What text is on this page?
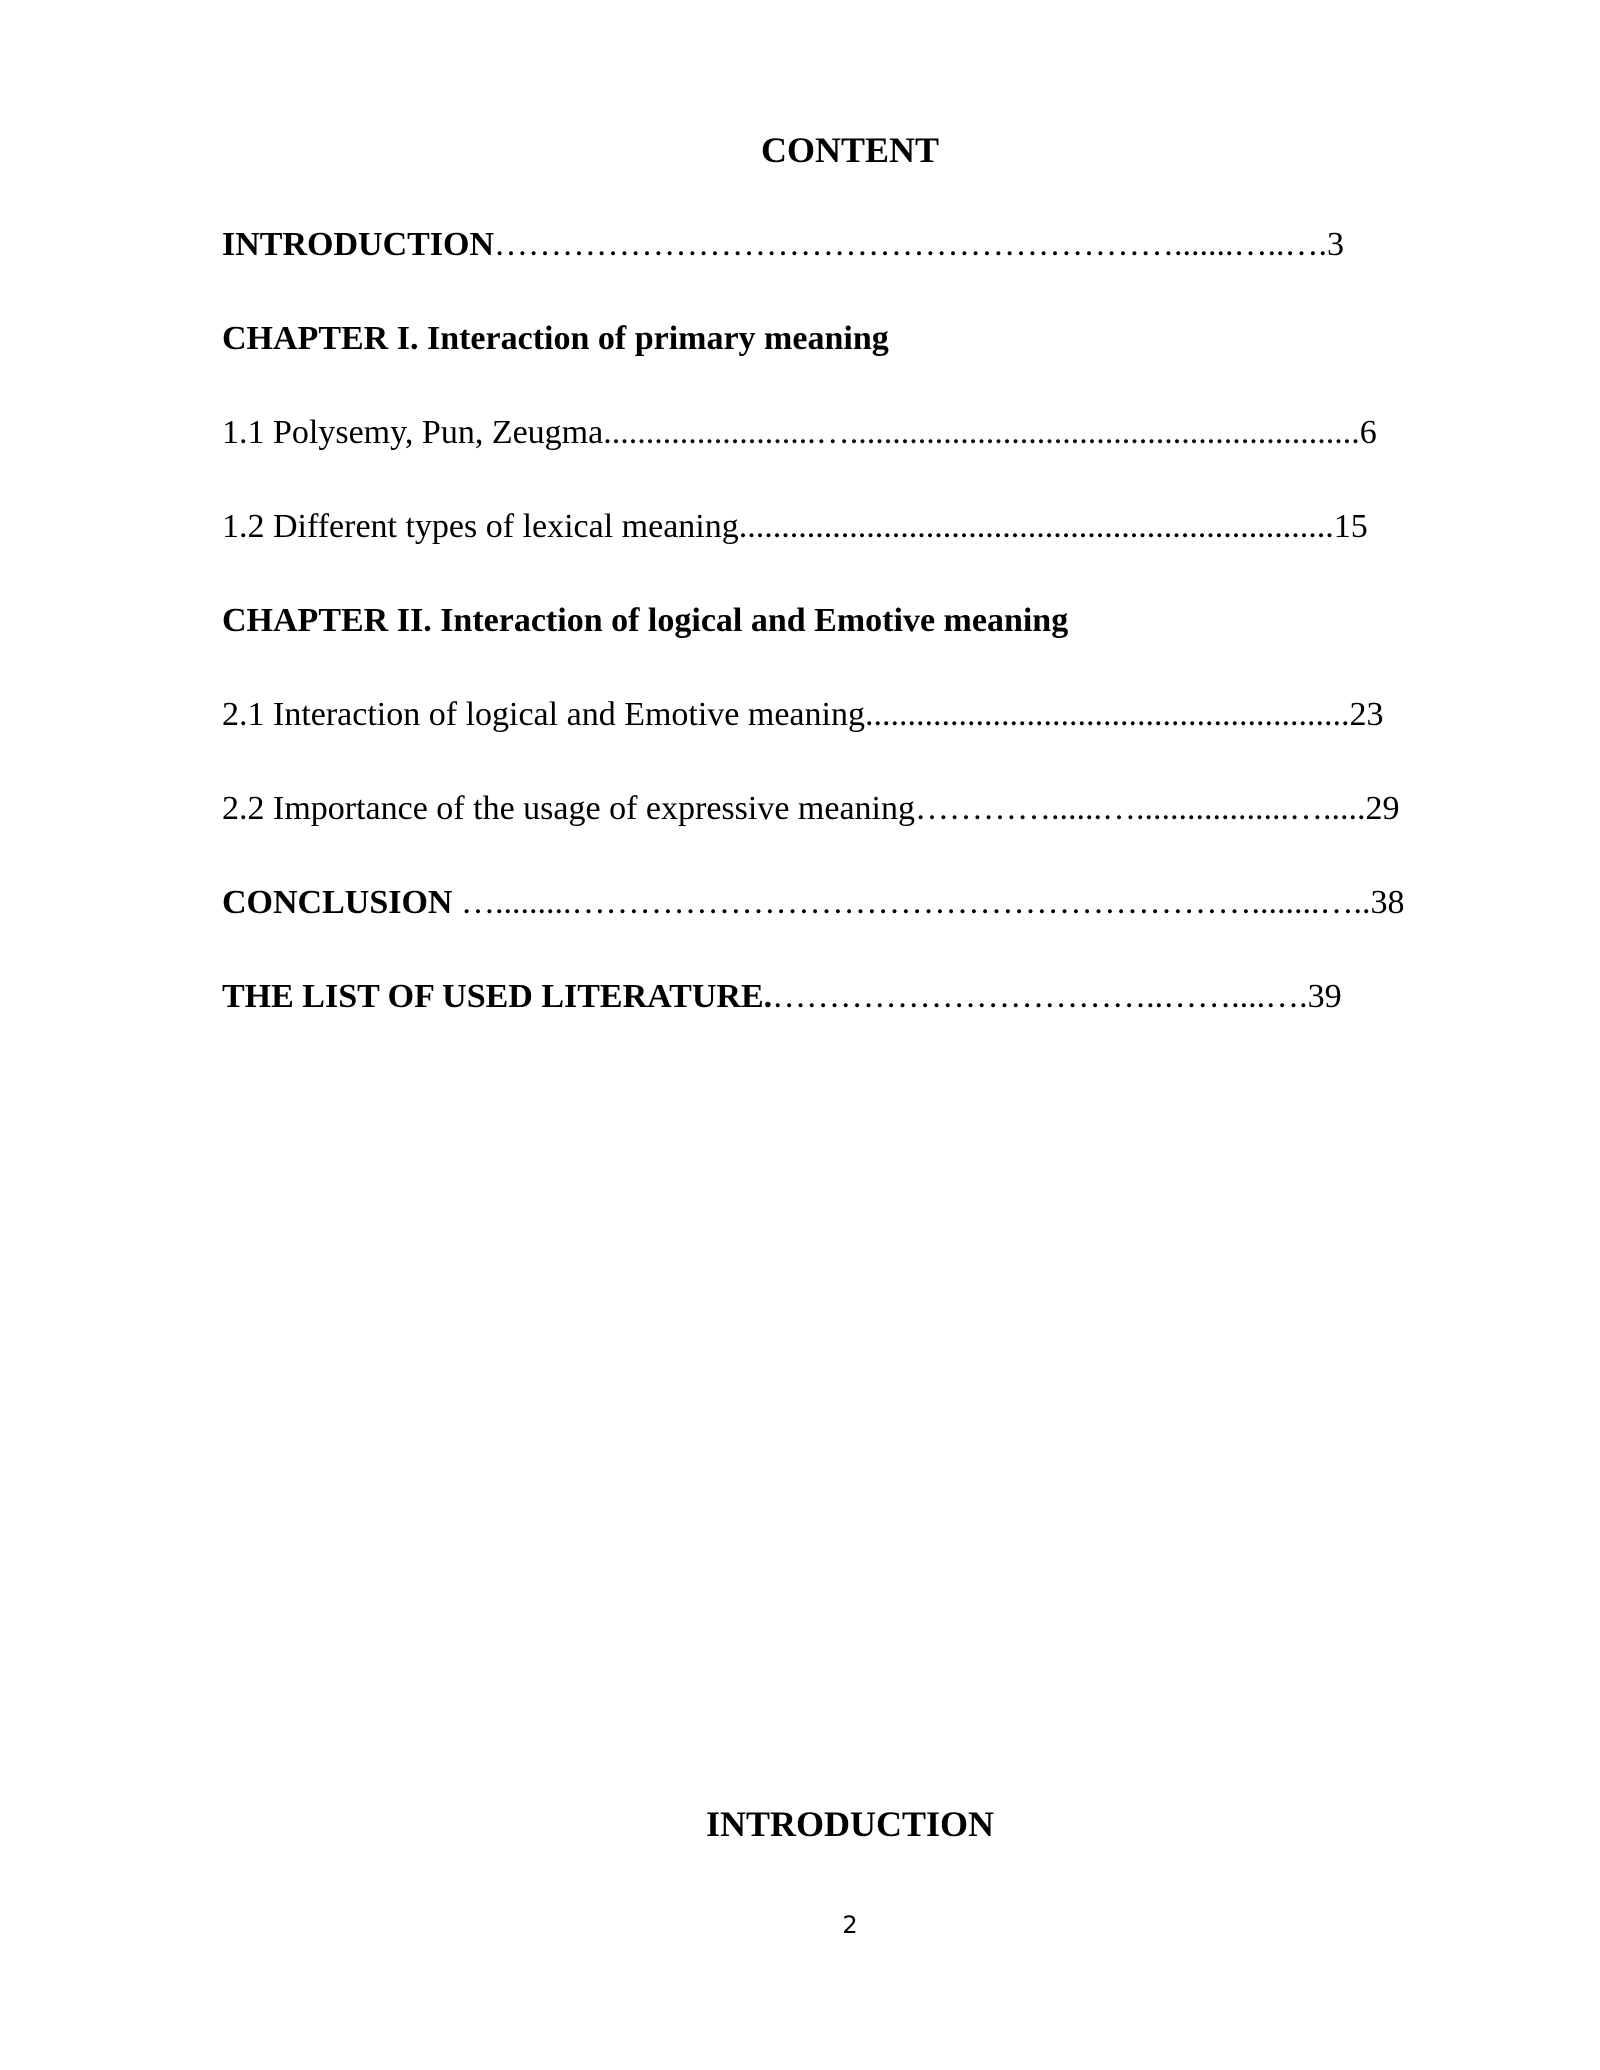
CONTENT
INTRODUCTION…………………………………………………….......…..….3
CHAPTER I. Interaction of primary meaning
1.1 Polysemy, Pun, Zeugma.........................…............................................................6
1.2 Different types of lexical meaning......................................................................15
CHAPTER II. Interaction of logical and Emotive meaning
2.1 Interaction of logical and Emotive meaning.........................................................23
2.2 Importance of the usage of expressive meaning…………......…..................….....29
CONCLUSION ….........……………………………………………………........…..38
THE LIST OF USED LITERATURE.……………………………..……....….39
INTRODUCTION
2
